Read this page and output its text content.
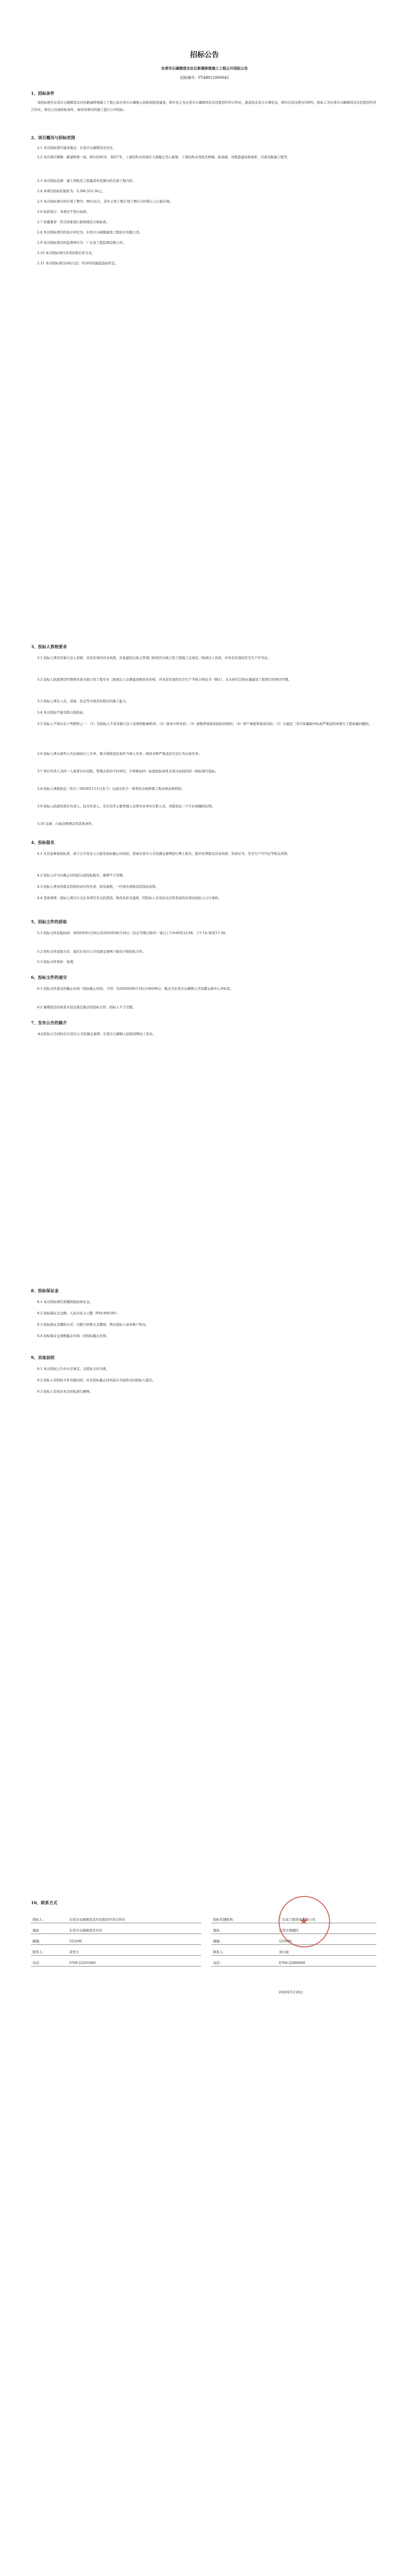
招标公告
东莞市石碣镇滘北社区新建桥梁施工工程公开招标公告
招标编号：FT4B012800045
1、招标条件
本招标项目东莞市石碣镇滘北社区新建桥梁施工工程已由东莞市石碣镇人民政府批准建设，项目业主为东莞市石碣镇滘北社区股份经济合作社，建设资金来自自筹资金，项目出资比例为100%，招标人为东莞市石碣镇滘北社区股份经济合作社。项目已具备招标条件，现对该项目的施工进行公开招标。
2、项目概况与招标范围
2.1 本次招标项目建设地点：东莞市石碣镇滘北社区。
2.2 本次项目规模：新建桥梁一座，桥长约45米，宽约7米，上部结构采用预应力混凝土空心板梁，下部结构采用柱式桥墩、桩基础，并配套建设桥面系、引道及附属工程等。
2.3 本次招标范围：施工图纸及工程量清单范围内的全部工程内容。
2.4 本项目招标控制价为：3,586,512.36元。
2.5 本次招标项目的计划工期为：90日历天，其中主体工程计划工期自合同签订之日起计算。
2.6 标段划分：本项目不划分标段。
2.7 质量要求：符合国家现行验收规范合格标准。
2.8 本次招标项目的设计单位为：东莞市石碣镇建设工程设计有限公司。
2.9 本次招标项目的监理单位为：广东某工程监理有限公司。
2.10 本次招标项目采用资格后审方式。
2.11 本次招标项目评标方法：经评审的最低投标价法。
3、投标人资格要求
3.1 投标人须具有独立法人资格，具有有效的营业执照，具备建设行政主管部门核发的市政公用工程施工总承包三级或以上资质，并具有有效的安全生产许可证。
3.2 投标人拟派项目经理须具备市政公用工程专业二级或以上注册建造师执业资格，并具有有效的安全生产考核合格证书（B证），且未担任其他在施建设工程项目的项目经理。
3.3 投标人须在人员、设备、资金等方面具有相应的施工能力。
3.4 本次招标不接受联合体投标。
3.5 投标人不得存在下列情形之一：（1）为招标人不具有独立法人资格的附属机构；（2）被责令停业的；（3）被暂停或取消投标资格的；（4）财产被接管或冻结的；（5）在最近三年内有骗取中标或严重违约或重大工程质量问题的。
3.6 投标人须未被列入失信被执行人名单、重大税收违法案件当事人名单、政府采购严重违法失信行为记录名单。
3.7 单位负责人为同一人或者存在控股、管理关系的不同单位，不得参加同一标段投标或者未划分标段的同一招标项目投标。
3.8 投标人须提供近三年内（2018年1月1日至今）完成过至少一项类似市政桥梁工程业绩证明材料。
3.9 投标人拟派的项目负责人、技术负责人、安全员等主要管理人员须为本单位在职人员，并提供近三个月社保缴纳证明。
3.10 法律、行政法规规定的其他条件。
4、投标报名
4.1 凡有意参加投标者，请于公告发布之日起至投标截止时间前，登录东莞市公共资源交易网进行网上报名，报名时须提交营业执照、资质证书、安全生产许可证等相关资料。
4.2 投标人应当在截止时间前完成投标报名，逾期不予受理。
4.3 投标人须对所提交资料的真实性负责，如有虚假，一经查实将取消其投标资格。
4.4 其他事项：投标人须自行关注本项目有关的澄清、修改及补充通知，因投标人未及时关注所造成的后果由投标人自行承担。
5、招标文件的获取
5.1 招标文件获取时间：2020年05月26日至2020年06月16日（法定节假日除外）每日上午9:00至12:00，下午14:30至17:30。
5.2 招标文件获取方式：通过东莞市公共资源交易网下载电子版招标文件。
5.3 招标文件售价：免费。
6、投标文件的递交
6.1 投标文件递交的截止时间（投标截止时间，下同）为2020年06月16日10时00分，地点为东莞市石碣镇公共资源交易中心开标室。
6.2 逾期送达的或者未送达指定地点的投标文件，招标人不予受理。
7、发布公告的媒介
本次招标公告同时在东莞市公共资源交易网、东莞市石碣镇人民政府网站上发布。
8、投标保证金
8.1 本次招标项目需缴纳投标保证金。
8.2 投标保证金金额：人民币伍万元整（¥50,000.00）。
8.3 投标保证金缴纳方式：以银行转账方式缴纳，须从投标人基本账户转出。
8.4 投标保证金到账截止时间：同投标截止时间。
9、其他说明
9.1 本次招标公告中未尽事宜，以招标文件为准。
9.2 投标人对招标文件有疑问的，应在投标截止时间前以书面形式向招标人提出。
9.3 招标人有权对本次招标进行解释。
10、联系方式
招标人：	东莞市石碣镇滘北社区股份经济合作社
地址：	东莞市石碣镇滘北社区
邮编：	523290
联系人：	黄先生
电话：	0769-22261000
招标代理机构：	广东某工程咨询有限公司
地址：	东莞市南城区
邮编：	523000
联系人：	刘小姐
电话：	0769-22000000
★
2020年5月26日
